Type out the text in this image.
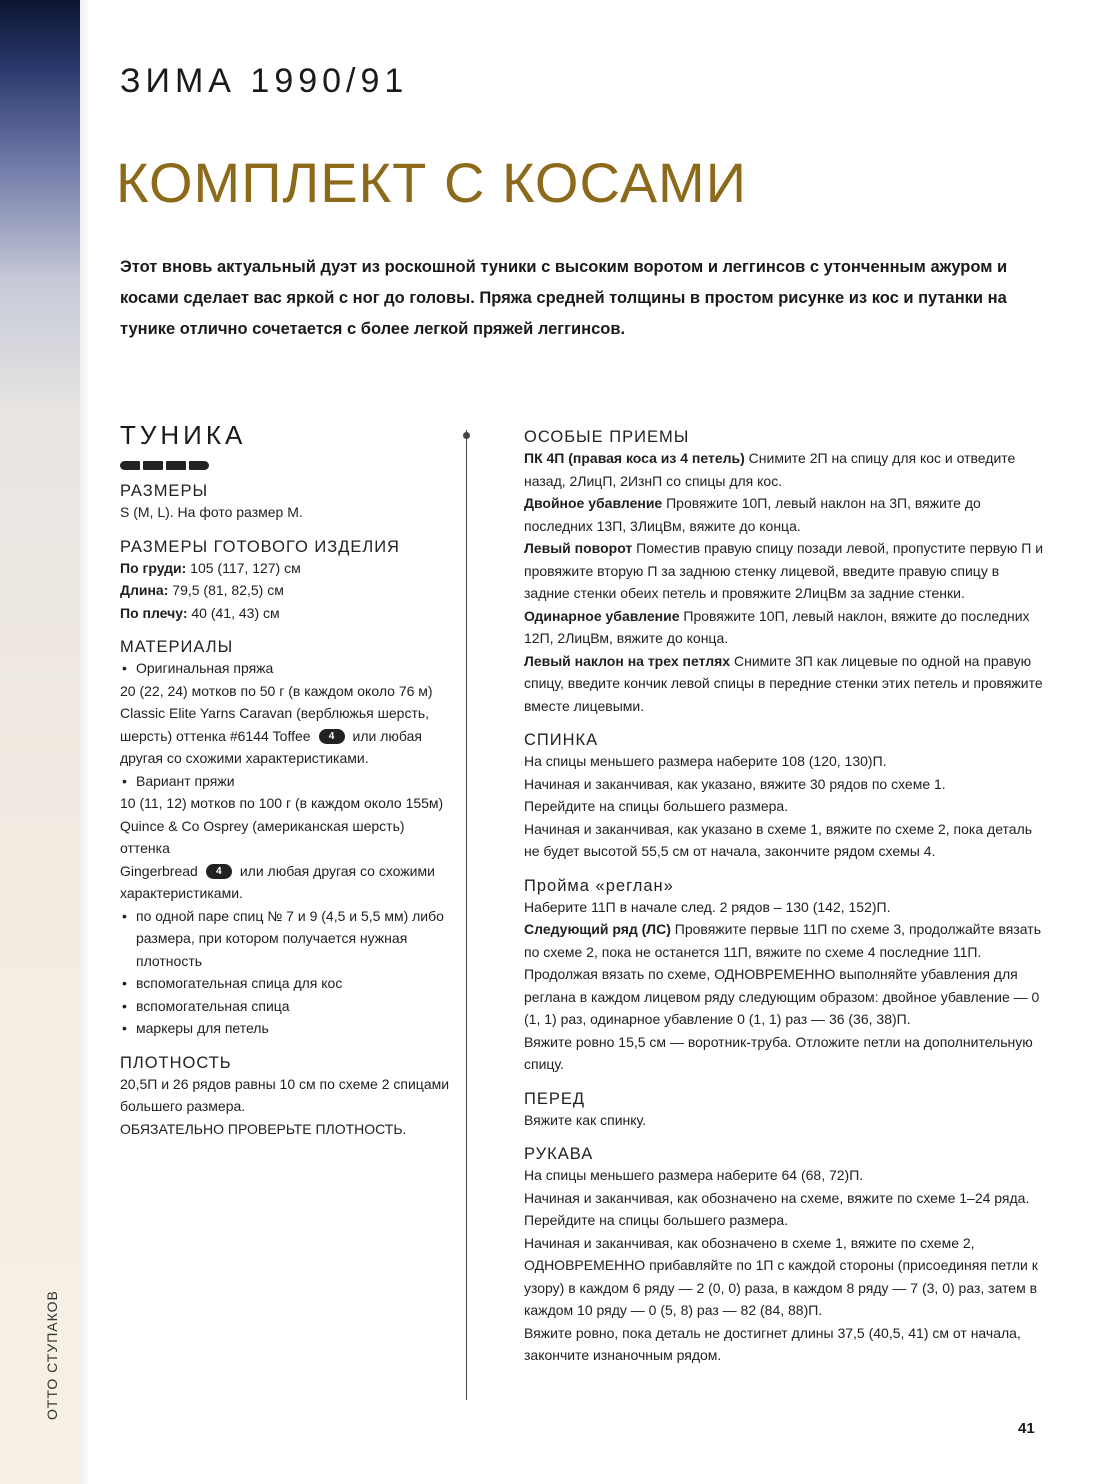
ОТТО СТУПАКОВ
ЗИМА 1990/91
КОМПЛЕКТ С КОСАМИ
Этот вновь актуальный дуэт из роскошной туники с высоким воротом и леггинсов с утонченным ажуром и косами сделает вас яркой с ног до головы. Пряжа средней толщины в простом рисунке из кос и путанки на тунике отлично сочетается с более легкой пряжей леггинсов.
ТУНИКА
РАЗМЕРЫ
S (M, L). На фото размер M.
РАЗМЕРЫ ГОТОВОГО ИЗДЕЛИЯ
По груди: 105 (117, 127) см
Длина: 79,5 (81, 82,5) см
По плечу: 40 (41, 43) см
МАТЕРИАЛЫ
• Оригинальная пряжа
20 (22, 24) мотков по 50 г (в каждом около 76 м)
Classic Elite Yarns Caravan (верблюжья шерсть,
шерсть) оттенка #6144 Toffee 4 или любая
другая со схожими характеристиками.
• Вариант пряжи
10 (11, 12) мотков по 100 г (в каждом около 155м)
Quince & Co Osprey (американская шерсть) оттенка
Gingerbread 4 или любая другая со схожими
характеристиками.
• по одной паре спиц № 7 и 9 (4,5 и 5,5 мм) либо размера, при котором получается нужная плотность
• вспомогательная спица для кос
• вспомогательная спица
• маркеры для петель
ПЛОТНОСТЬ
20,5П и 26 рядов равны 10 см по схеме 2 спицами большего размера.
ОБЯЗАТЕЛЬНО ПРОВЕРЬТЕ ПЛОТНОСТЬ.
ОСОБЫЕ ПРИЕМЫ
ПК 4П (правая коса из 4 петель) Снимите 2П на спицу для кос и отведите назад, 2ЛицП, 2ИзнП со спицы для кос.
Двойное убавление Провяжите 10П, левый наклон на 3П, вяжите до последних 13П, 3ЛицВм, вяжите до конца.
Левый поворот Поместив правую спицу позади левой, пропустите первую П и провяжите вторую П за заднюю стенку лицевой, введите правую спицу в задние стенки обеих петель и провяжите 2ЛицВм за задние стенки.
Одинарное убавление Провяжите 10П, левый наклон, вяжите до последних 12П, 2ЛицВм, вяжите до конца.
Левый наклон на трех петлях Снимите 3П как лицевые по одной на правую спицу, введите кончик левой спицы в передние стенки этих петель и провяжите вместе лицевыми.
СПИНКА
На спицы меньшего размера наберите 108 (120, 130)П.
Начиная и заканчивая, как указано, вяжите 30 рядов по схеме 1.
Перейдите на спицы большего размера.
Начиная и заканчивая, как указано в схеме 1, вяжите по схеме 2, пока деталь не будет высотой 55,5 см от начала, закончите рядом схемы 4.
Пройма «реглан»
Наберите 11П в начале след. 2 рядов – 130 (142, 152)П.
Следующий ряд (ЛС) Провяжите первые 11П по схеме 3, продолжайте вязать по схеме 2, пока не останется 11П, вяжите по схеме 4 последние 11П.
Продолжая вязать по схеме, ОДНОВРЕМЕННО выполняйте убавления для реглана в каждом лицевом ряду следующим образом: двойное убавление — 0 (1, 1) раз, одинарное убавление 0 (1, 1) раз — 36 (36, 38)П.
Вяжите ровно 15,5 см — воротник-труба. Отложите петли на дополнительную спицу.
ПЕРЕД
Вяжите как спинку.
РУКАВА
На спицы меньшего размера наберите 64 (68, 72)П.
Начиная и заканчивая, как обозначено на схеме, вяжите по схеме 1–24 ряда.
Перейдите на спицы большего размера.
Начиная и заканчивая, как обозначено в схеме 1, вяжите по схеме 2, ОДНОВРЕМЕННО прибавляйте по 1П с каждой стороны (присоединяя петли к узору) в каждом 6 ряду — 2 (0, 0) раза, в каждом 8 ряду — 7 (3, 0) раз, затем в каждом 10 ряду — 0 (5, 8) раз — 82 (84, 88)П.
Вяжите ровно, пока деталь не достигнет длины 37,5 (40,5, 41) см от начала, закончите изнаночным рядом.
41
